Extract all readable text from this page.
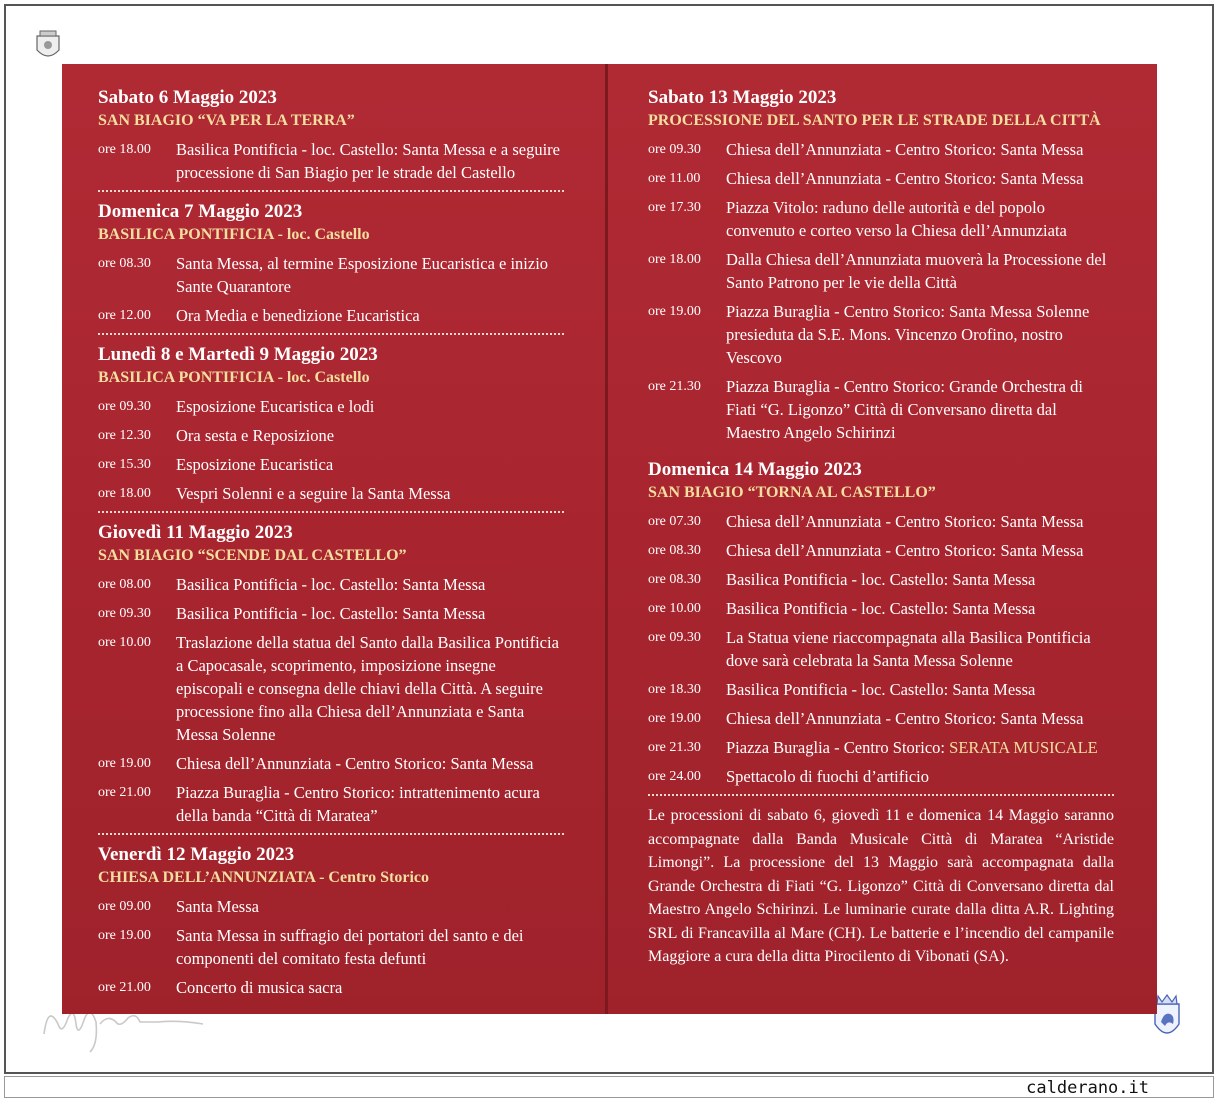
Sabato 6 Maggio 2023
SAN BIAGIO “VA PER LA TERRA”
ore 18.00	Basilica Pontificia - loc. Castello: Santa Messa e a seguire processione di San Biagio per le strade del Castello
Domenica 7 Maggio 2023
BASILICA PONTIFICIA - loc. Castello
ore 08.30	Santa Messa, al termine Esposizione Eucaristica e inizio Sante Quarantore
ore 12.00	Ora Media e benedizione Eucaristica
Lunedì 8 e Martedì 9 Maggio 2023
BASILICA PONTIFICIA - loc. Castello
ore 09.30	Esposizione Eucaristica e lodi
ore 12.30	Ora sesta e Reposizione
ore 15.30	Esposizione Eucaristica
ore 18.00	Vespri Solenni e a seguire la Santa Messa
Giovedì 11 Maggio 2023
SAN BIAGIO “SCENDE DAL CASTELLO”
ore 08.00	Basilica Pontificia - loc. Castello: Santa Messa
ore 09.30	Basilica Pontificia - loc. Castello: Santa Messa
ore 10.00	Traslazione della statua del Santo dalla Basilica Pontificia a Capocasale, scoprimento, imposizione insegne episcopali e consegna delle chiavi della Città. A seguire processione fino alla Chiesa dell’Annunziata e Santa Messa Solenne
ore 19.00	Chiesa dell’Annunziata - Centro Storico: Santa Messa
ore 21.00	Piazza Buraglia - Centro Storico: intrattenimento acura della banda “Città di Maratea”
Venerdì 12 Maggio 2023
CHIESA DELL’ANNUNZIATA - Centro Storico
ore 09.00	Santa Messa
ore 19.00	Santa Messa in suffragio dei portatori del santo e dei componenti del comitato festa defunti
ore 21.00	Concerto di musica sacra
Sabato 13 Maggio 2023
PROCESSIONE DEL SANTO PER LE STRADE DELLA CITTÀ
ore 09.30	Chiesa dell’Annunziata - Centro Storico: Santa Messa
ore 11.00	Chiesa dell’Annunziata - Centro Storico: Santa Messa
ore 17.30	Piazza Vitolo: raduno delle autorità e del popolo convenuto e corteo verso la Chiesa dell’Annunziata
ore 18.00	Dalla Chiesa dell’Annunziata muoverà la Processione del Santo Patrono per le vie della Città
ore 19.00	Piazza Buraglia - Centro Storico: Santa Messa Solenne presieduta da S.E. Mons. Vincenzo Orofino, nostro Vescovo
ore 21.30	Piazza Buraglia - Centro Storico: Grande Orchestra di Fiati “G. Ligonzo” Città di Conversano diretta dal Maestro Angelo Schirinzi
Domenica 14 Maggio 2023
SAN BIAGIO “TORNA AL CASTELLO”
ore 07.30	Chiesa dell’Annunziata - Centro Storico: Santa Messa
ore 08.30	Chiesa dell’Annunziata - Centro Storico: Santa Messa
ore 08.30	Basilica Pontificia - loc. Castello: Santa Messa
ore 10.00	Basilica Pontificia - loc. Castello: Santa Messa
ore 09.30	La Statua viene riaccompagnata alla Basilica Pontificia dove sarà celebrata la Santa Messa Solenne
ore 18.30	Basilica Pontificia - loc. Castello: Santa Messa
ore 19.00	Chiesa dell’Annunziata - Centro Storico: Santa Messa
ore 21.30	Piazza Buraglia - Centro Storico: SERATA MUSICALE
ore 24.00	Spettacolo di fuochi d’artificio
Le processioni di sabato 6, giovedì 11 e domenica 14 Maggio saranno accompagnate dalla Banda Musicale Città di Maratea “Aristide Limongi”. La processione del 13 Maggio sarà accompagnata dalla Grande Orchestra di Fiati “G. Ligonzo” Città di Conversano diretta dal Maestro Angelo Schirinzi. Le luminarie curate dalla ditta A.R. Lighting SRL di Francavilla al Mare (CH). Le batterie e l’incendio del campanile Maggiore a cura della ditta Pirocilento di Vibonati (SA).
calderano.it
